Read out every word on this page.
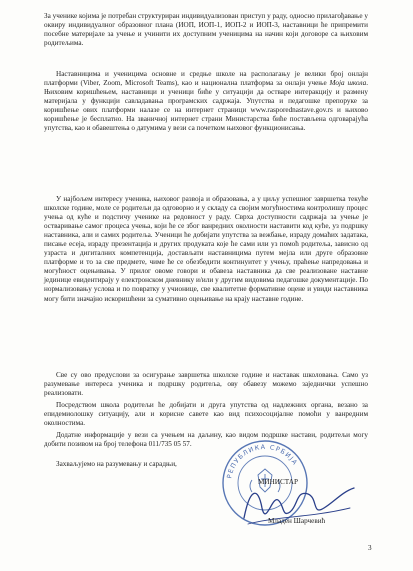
За ученике којима је потребан структуриран индивидуализован приступ у раду, односно прилагођавање у оквиру индивидуалног образовног плана (ИОП, ИОП-1, ИОП-2 и ИОП-3, наставници ће припремити посебне материјале за учење и учинити их доступним ученицима на начин који договоре са њиховим родитељима.

Наставницима и ученицима основне и средње школе на располагању је велики број онлајн платформи (Viber, Zoom, Microsoft Teams), као и национална платформа за онлајн учење Моја школа. Њиховим коришћењем, наставници и ученици биће у ситуацији да остваре интеракцију и размену материјала у функцији савладавања програмских садржаја. Упутства и педагошке препоруке за коришћење ових платформи налазе се на интернет страници www.rasporednastave.gov.rs и њихово коришћење је бесплатно. На званичној интернет страни Министарства биће постављена одговарајућа упутства, као и обавештења о датумима у вези са почетком њиховог функционисања.

У најбољем интересу ученика, њиховог развоја и образовања, а у циљу успешног завршетка текуће школске године, моле се родитељи да одговорно и у складу са својим могућностима контролишу процес учења од куће и подстичу ученике на редовност у раду. Сврха доступности садржаја за учење је остваривање самог процеса учења, који ће се због ванредних околности наставити код куће, уз подршку наставника, али и самих родитеља. Ученици ће добијати упутства за вежбање, израду домаћих задатака, писање есеја, израду презентација и других продуката које ће сами или уз помоћ родитеља, зависно од узраста и дигиталних компетенција, достављати наставницима путем мејла или друге образовне платформе и то за све предмете, чиме ће се обезбедити континуитет у учењу, праћење напредовања и могућност оцењивања. У прилог овоме говори и обавеза наставника да све реализоване наставне јединице евидентирају у електронском дневнику и/или у другим видовима педагошке документације. По нормализовању услова и по повратку у учионице, све квалитетне формативне оцене и увиди наставника могу бити значајно искоришћени за сумативно оцењивање на крају наставне године.

Све су ово предуслови за осигурање завршетка школске године и наставак школовања. Само уз разумевање интереса ученика и подршку родитеља, ову обавезу можемо заједнички успешно реализовати.

Посредством школа родитељи ће добијати и друга упутства од надлежних органа, везано за епидемиолошку ситуацију, али и корисне савете као вид психосоцијалне помоћи у ванредним околностима.

Додатне информације у вези са учењем на даљину, као видом подршке настави, родитељи могу добити позивом на број телефона 011/735 05 57.

Захваљујемо на разумевању и сарадњи,

РЕПУБЛИКА СРБИЈА
МИНИСТАР
Младен Шарчевић
3
